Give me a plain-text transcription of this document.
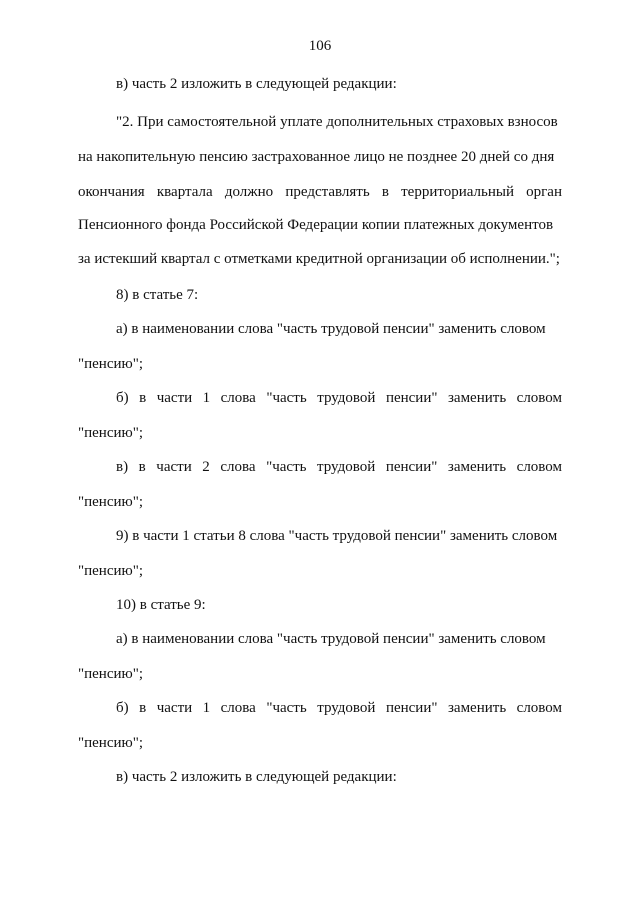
106
в) часть 2 изложить в следующей редакции:
"2. При самостоятельной уплате дополнительных страховых взносов
на накопительную пенсию застрахованное лицо не позднее 20 дней со дня
окончания квартала должно представлять в территориальный орган
Пенсионного фонда Российской Федерации копии платежных документов
за истекший квартал с отметками кредитной организации об исполнении.";
8) в статье 7:
а) в наименовании слова "часть трудовой пенсии" заменить словом
"пенсию";
б) в части 1 слова "часть трудовой пенсии" заменить словом
"пенсию";
в) в части 2 слова "часть трудовой пенсии" заменить словом
"пенсию";
9) в части 1 статьи 8 слова "часть трудовой пенсии" заменить словом
"пенсию";
10) в статье 9:
а) в наименовании слова "часть трудовой пенсии" заменить словом
"пенсию";
б) в части 1 слова "часть трудовой пенсии" заменить словом
"пенсию";
в) часть 2 изложить в следующей редакции:
